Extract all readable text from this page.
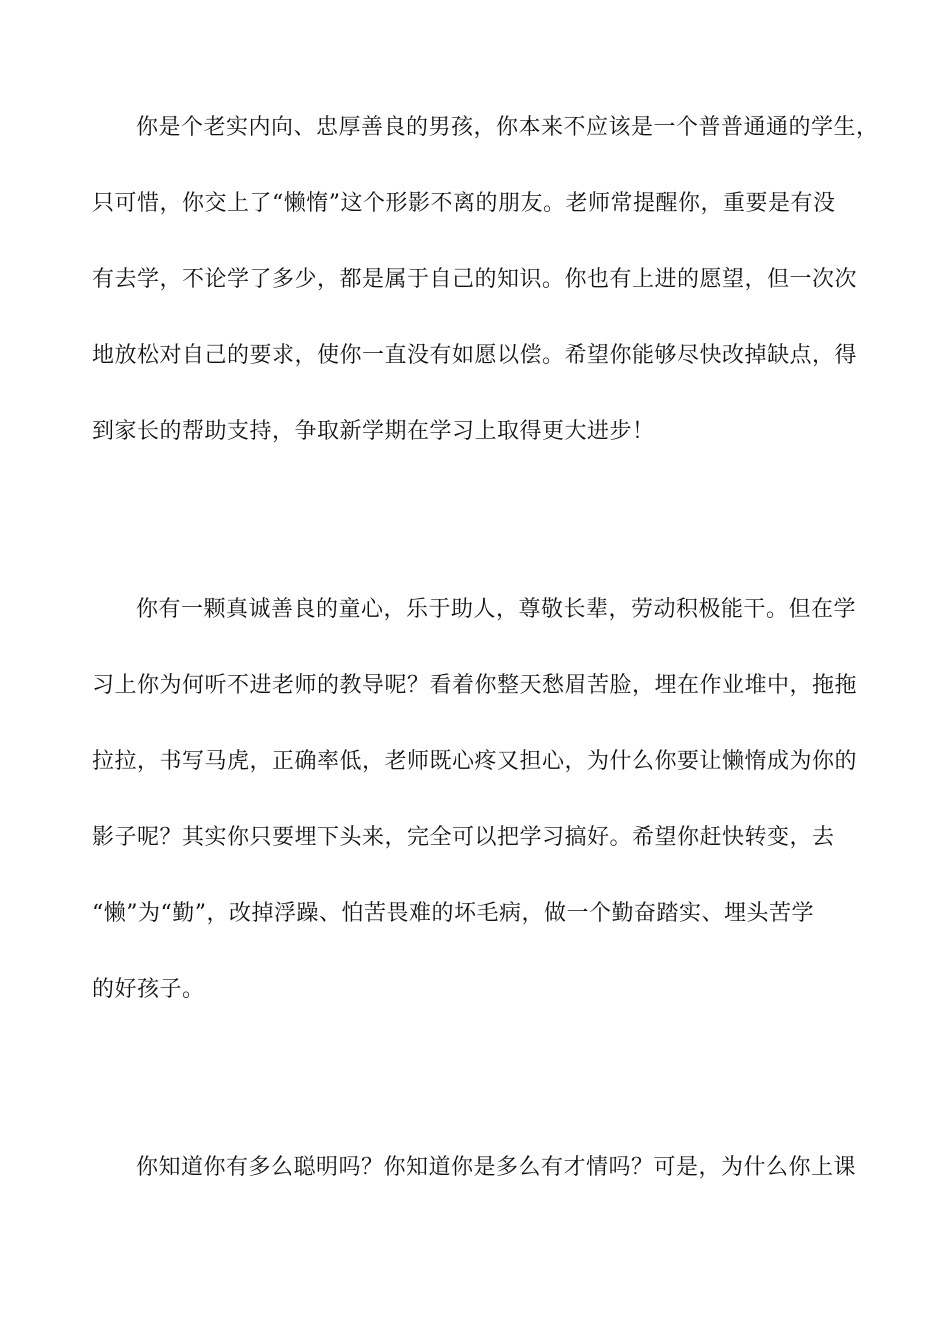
你是个老实内向、忠厚善良的男孩，你本来不应该是一个普普通通的学生，
只可惜，你交上了“懒惰”这个形影不离的朋友。老师常提醒你，重要是有没
有去学，不论学了多少，都是属于自己的知识。你也有上进的愿望，但一次次
地放松对自己的要求，使你一直没有如愿以偿。希望你能够尽快改掉缺点，得
到家长的帮助支持，争取新学期在学习上取得更大进步！
你有一颗真诚善良的童心，乐于助人，尊敬长辈，劳动积极能干。但在学
习上你为何听不进老师的教导呢？看着你整天愁眉苦脸，埋在作业堆中，拖拖
拉拉，书写马虎，正确率低，老师既心疼又担心，为什么你要让懒惰成为你的
影子呢？其实你只要埋下头来，完全可以把学习搞好。希望你赶快转变，去
“懒”为“勤”，改掉浮躁、怕苦畏难的坏毛病，做一个勤奋踏实、埋头苦学
的好孩子。
你知道你有多么聪明吗？你知道你是多么有才情吗？可是，为什么你上课
